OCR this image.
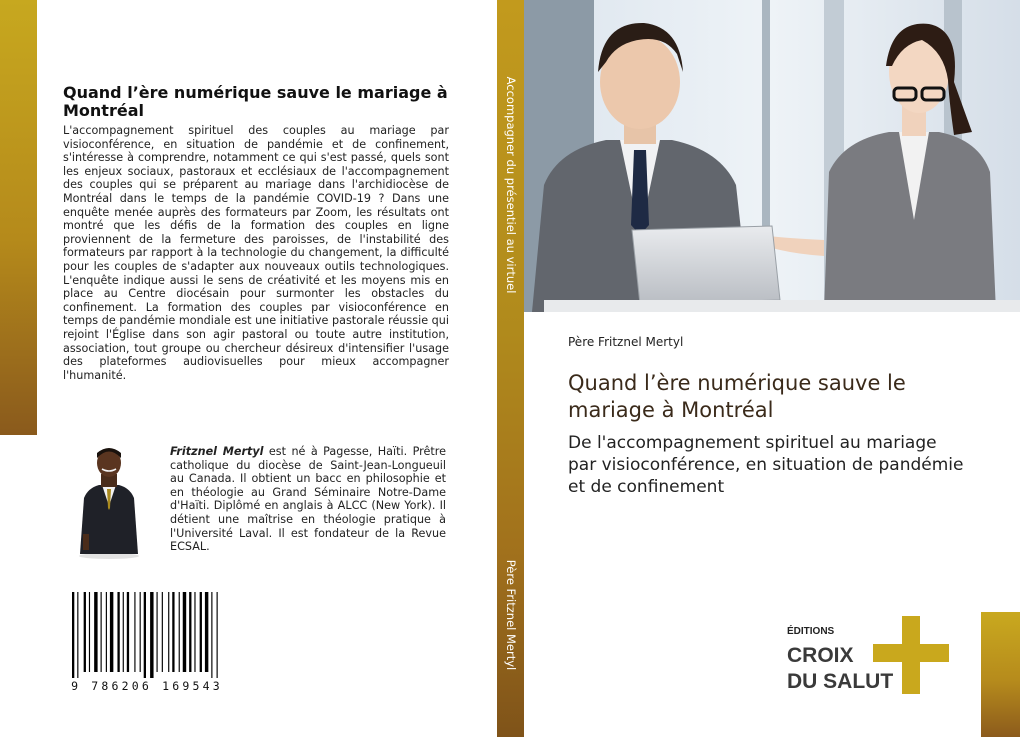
Quand l’ère numérique sauve le mariage à Montréal

L'accompagnement spirituel des couples au mariage par visioconférence, en situation de pandémie et de confinement, s'intéresse à comprendre, notamment ce qui s'est passé, quels sont les enjeux sociaux, pastoraux et ecclésiaux de l'accompagnement des couples qui se préparent au mariage dans l'archidiocèse de Montréal dans le temps de la pandémie COVID-19 ? Dans une enquête menée auprès des formateurs par Zoom, les résultats ont montré que les défis de la formation des couples en ligne proviennent de la fermeture des paroisses, de l'instabilité des formateurs par rapport à la technologie du changement, la difficulté pour les couples de s'adapter aux nouveaux outils technologiques. L'enquête indique aussi le sens de créativité et les moyens mis en place au Centre diocésain pour surmonter les obstacles du confinement. La formation des couples par visioconférence en temps de pandémie mondiale est une initiative pastorale réussie qui rejoint l'Église dans son agir pastoral ou toute autre institution, association, tout groupe ou chercheur désireux d'intensifier l'usage des plateformes audiovisuelles pour mieux accompagner l'humanité.

Fritznel Mertyl est né à Pagesse, Haïti. Prêtre catholique du diocèse de Saint-Jean-Longueuil au Canada. Il obtient un bacc en philosophie et en théologie au Grand Séminaire Notre-Dame d'Haïti. Diplômé en anglais à ALCC (New York). Il détient une maîtrise en théologie pratique à l'Université Laval. Il est fondateur de la Revue ECSAL.

9 786206 169543
Accompagner du présentiel au virtuel
Père Fritznel Mertyl

Père Fritznel Mertyl

Quand l’ère numérique sauve le mariage à Montréal

De l'accompagnement spirituel au mariage par visioconférence, en situation de pandémie et de confinement

ÉDITIONS
CROIX
DU SALUT
